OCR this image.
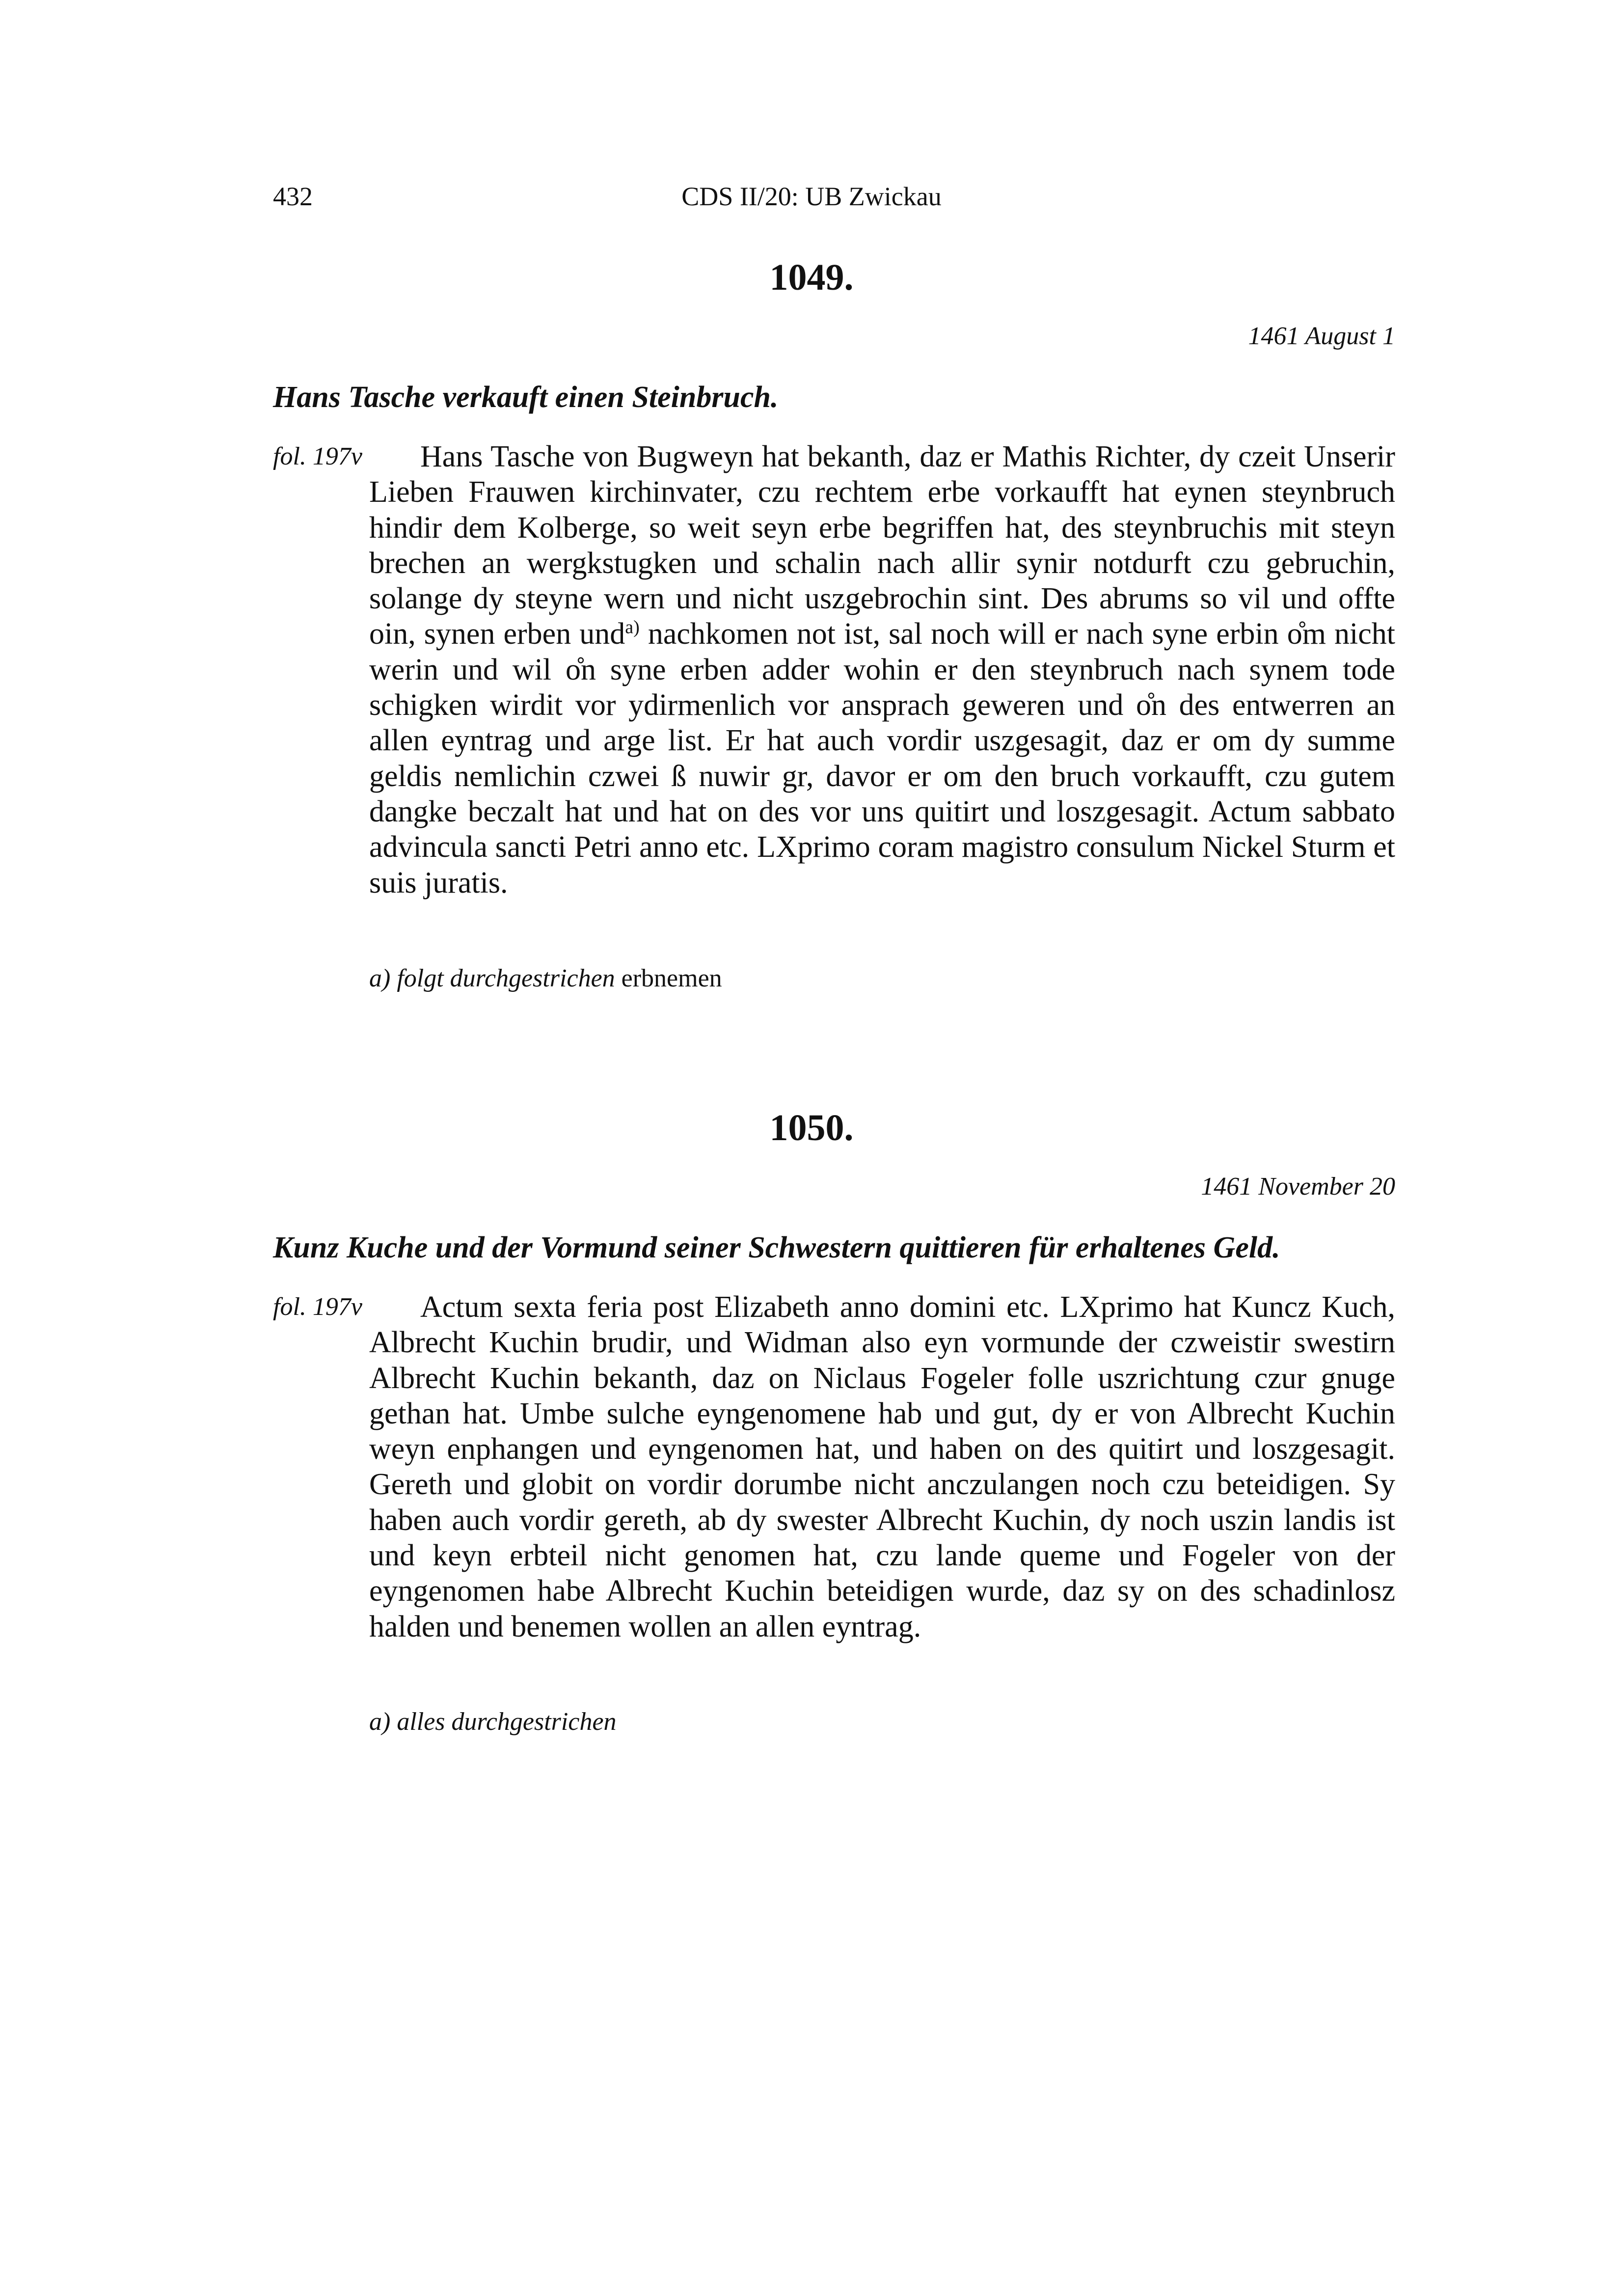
432	CDS II/20: UB Zwickau
1049.
1461 August 1
Hans Tasche verkauft einen Steinbruch.
fol. 197v	Hans Tasche von Bugweyn hat bekanth, daz er Mathis Richter, dy czeit Unserir Lieben Frauwen kirchinvater, czu rechtem erbe vorkaufft hat eynen steynbruch hindir dem Kolberge, so weit seyn erbe begriffen hat, des steynbruchis mit steyn brechen an wergkstugken und schalin nach allir synir notdurft czu gebruchin, solange dy steyne wern und nicht uszgebrochin sint. Des abrums so vil und offte oin, synen erben und$^{a)}$ nachkomen not ist, sal noch will er nach syne erbin o̊m nicht werin und wil o̊n syne erben adder wohin er den steynbruch nach synem tode schigken wirdit vor ydirmenlich vor ansprach geweren und o̊n des entwerren an allen eyntrag und arge list. Er hat auch vordir uszgesagit, daz er om dy summe geldis nemlichin czwei ß nuwir gr, davor er om den bruch vorkaufft, czu gutem dangke beczalt hat und hat on des vor uns quitirt und loszgesagit. Actum sabbato advincula sancti Petri anno etc. LXprimo coram magistro consulum Nickel Sturm et suis juratis.
a) folgt durchgestrichen erbnemen
1050.
1461 November 20
Kunz Kuche und der Vormund seiner Schwestern quittieren für erhaltenes Geld.
fol. 197v	Actum sexta feria post Elizabeth anno domini etc. LXprimo hat Kuncz Kuch, Albrecht Kuchin brudir, und Widman also eyn vormunde der czweistir swestirn Albrecht Kuchin bekanth, daz on Niclaus Fogeler folle uszrichtung czur gnuge gethan hat. Umbe sulche eyngenomene hab und gut, dy er von Albrecht Kuchin weyn enphangen und eyngenomen hat, und haben on des quitirt und loszgesagit. Gereth und globit on vordir dorumbe nicht anczulangen noch czu beteidigen. Sy haben auch vordir gereth, ab dy swester Albrecht Kuchin, dy noch uszin landis ist und keyn erbteil nicht genomen hat, czu lande queme und Fogeler von der eyngenomen habe Albrecht Kuchin beteidigen wurde, daz sy on des schadinlosz halden und benemen wollen an allen eyntrag.
a) alles durchgestrichen
